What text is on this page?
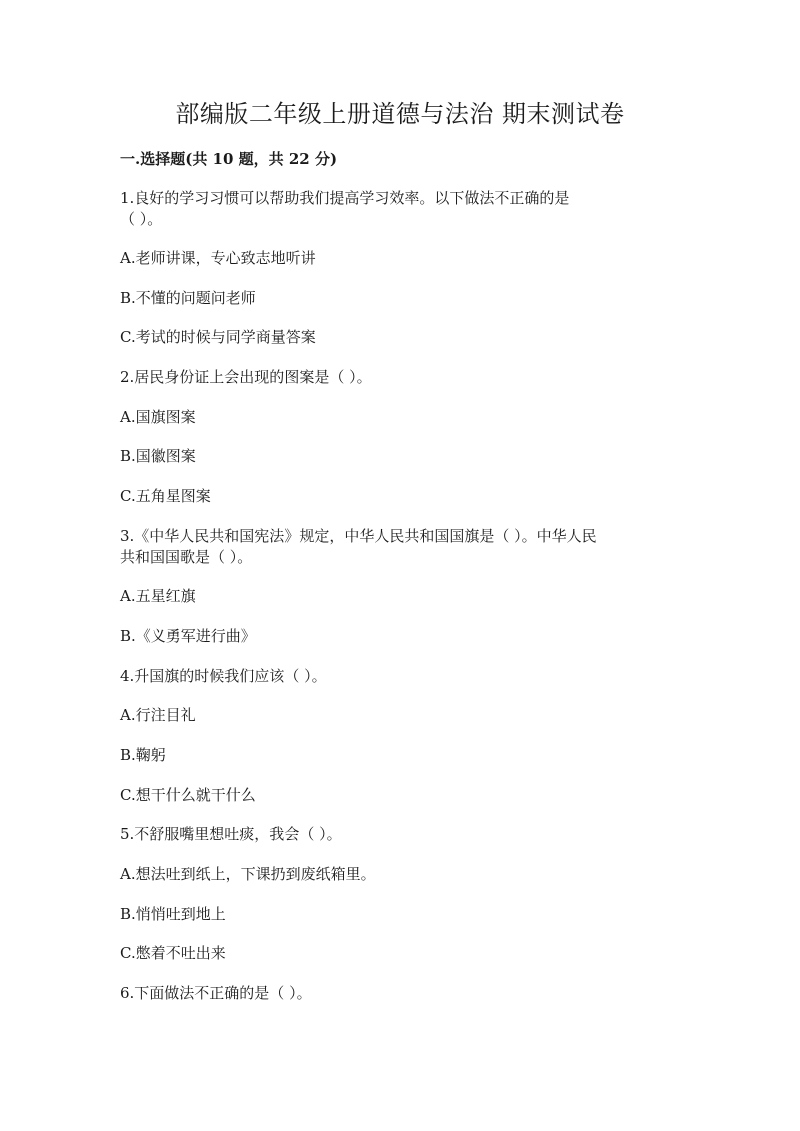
部编版二年级上册道德与法治 期末测试卷

一.选择题(共 10 题，共 22 分)

1.良好的学习习惯可以帮助我们提高学习效率。以下做法不正确的是

（ ）。

A.老师讲课，专心致志地听讲

B.不懂的问题问老师

C.考试的时候与同学商量答案

2.居民身份证上会出现的图案是（ ）。

A.国旗图案

B.国徽图案

C.五角星图案

3.《中华人民共和国宪法》规定，中华人民共和国国旗是（ ）。中华人民

共和国国歌是（ ）。

A.五星红旗

B.《义勇军进行曲》

4.升国旗的时候我们应该（ ）。

A.行注目礼

B.鞠躬

C.想干什么就干什么

5.不舒服嘴里想吐痰，我会（ ）。

A.想法吐到纸上，下课扔到废纸箱里。

B.悄悄吐到地上

C.憋着不吐出来

6.下面做法不正确的是（ ）。
